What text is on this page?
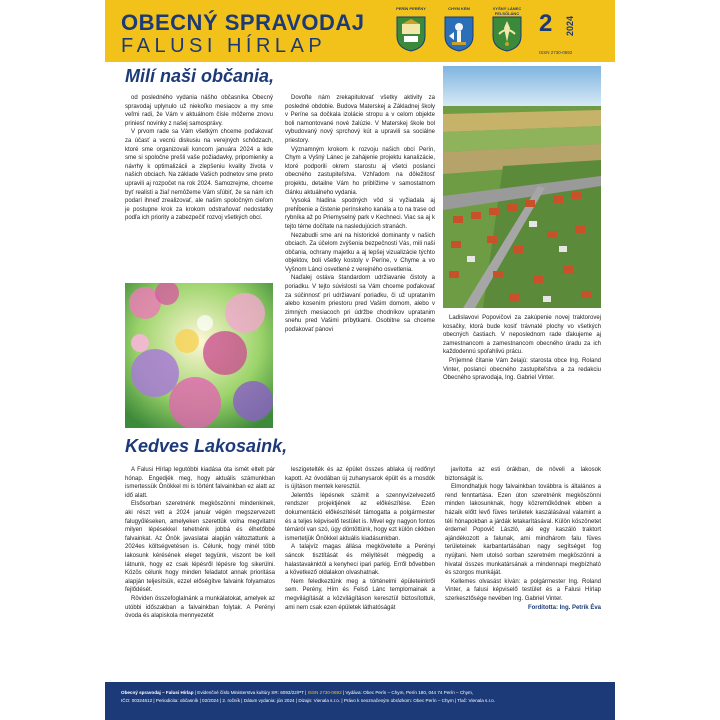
OBECNÝ SPRAVODAJ
FALUSI HÍRLAP
PERÍN PERÉNY	CHYM KÉM	VYŠNÝ LÁNEC FELSŐLÁNC 2 2024
ISSN 2730-0692
Milí naši občania,

od posledného vydania nášho občasníka Obecný spravodaj uplynulo už niekoľko mesiacov a my sme veľmi radi, že Vám v aktuálnom čísle môžeme znovu priniesť novinky z našej samosprávy.

V prvom rade sa Vám všetkým chceme poďakovať za účasť a vecnú diskusiu na verejných schôdzach, ktoré sme organizovali koncom januára 2024 a kde sme si spoločne prešli vaše požiadavky, pripomienky a návrhy k optimalizácii a zlepšeniu kvality života v našich obciach. Na základe Vašich podnetov sme preto upravili aj rozpočet na rok 2024. Samozrejme, chceme byť realisti a žiaľ nemôžeme Vám sľúbiť, že sa nám ich podarí ihneď zrealizovať, ale našim spoločným cieľom je postupne krok za krokom odstraňovať nedostatky podľa ich priority a zabezpečiť rozvoj všetkých obcí.

Dovoľte nám zrekapitulovať všetky aktivity za posledné obdobie. Budova Materskej a Základnej školy v Períne sa dočkala izolácie stropu a v celom objekte boli namontované nové žalúzie. V Materskej škole bol vybudovaný nový sprchový kút a upravili sa sociálne priestory.

Významným krokom k rozvoju našich obcí Perín, Chym a Vyšný Lánec je zahájenie projektu kanalizácie, ktoré podporili okrem starostu aj všetci poslanci obecného zastupiteľstva. Vzhľadom na dôležitosť projektu, detailne Vám ho priblížime v samostatnom článku aktuálneho vydania.

Vysoká hladina spodných vôd si vyžiadala aj prehĺbenie a čistenie perínskeho kanála a to na trase od rybníka až po Priemyselný park v Kechneci. Viac sa aj k tejto téme dočítate na nasledujúcich stranách.

Nezabudli sme ani na historické dominanty v našich obciach. Za účelom zvýšenia bezpečnosti Vás, mili naši občania, ochrany majetku a aj lepšej vizualizácie týchto objektov, boli všetky kostoly v Períne, v Chyme a vo Vyšnom Lánci osvetlené z verejného osvetlenia.

Naďalej ostáva štandardom udržiavanie čistoty a poriadku. V tejto súvislosti sa Vám chceme poďakovať za súčinnosť pri udržiavaní poriadku, či už uprataním alebo kosením priestoru pred Vašim domom, alebo v zimných mesiacoch pri údržbe chodníkov upratanim snehu pred Vašimi príbytkami. Osobitne sa chceme poďakovať pánovi

Ladislavovi Popovičovi za zakúpenie novej traktorovej kosačky, ktorá bude kosiť trávnaté plochy vo všetkých obecných častiach. V neposlednom rade ďakujeme aj zamestnancom a zamestnancom obecného úradu za ich každodennú spoľahlivú prácu.

Príjemné čítanie Vám želajú: starosta obce Ing. Roland Vinter, poslanci obecného zastupiteľstva a za redakciu Obecného spravodaja, Ing. Gabriel Vinter.

Kedves Lakosaink,

A Falusi Hírlap legutóbbi kiadása óta ismét eltelt pár hónap. Engedjék meg, hogy aktuális számunkban ismertessük Önökkel mi is történt falvainkban ez alatt az idő alatt.

Elsősorban szeretnénk megköszönni mindenkinek, aki részt vett a 2024 január végén megszervezett falugyűléseken, amelyeken szerettük volna megvitatni milyen lépésekkel tehetnénk jobbá és élhetőbbé falvainkat. Az Önök javaslatai alapján változtattunk a 2024es költségvetésen is. Célunk, hogy minél több lakosunk kérésének eleget tegyünk, viszont be kell látnunk, hogy ez csak lépésről lépésre fog sikerülni. Közös célunk hogy minden feladatot annak prioritása alapján teljesítsük, ezzel előségítve falvaink folyamatos fejlődését.

Röviden összefoglalnánk a munkálatokat, amelyek az utóbbi időszakban a falvainkban folytak. A Perényi óvoda és alapiskola mennyezetét

leszigetelték és az épület összes ablaka új redőnyt kapott. Az óvodában új zuhanysarok épült és a mosdók is újításon mentek keresztül.

Jelentős lépésnek számít a szennyvízelvezető rendszer projektjének az előkészítése. Ezen dokumentáció előkészítését támogatta a polgármester és a teljes képviselő testület is. Mivel egy nagyon fontos témáról van szó, úgy döntöttünk, hogy ezt külön cikkben ismertetjük Önökkel aktuális kiadásunkban.

A talajvíz magas állása megkövetelte a Perényi sáncok tisztítását és mélyítését mégpedig a halastavaknktól a kenyheci ipari parkig. Erről bővebben a következő oldalakon olvashatnak.

Nem feledkeztünk meg a történelmi épületeinkről sem. Perény, Hím és Felső Lánc templomainak a megvilágítását a közvilágításon keresztül biztosítottuk, ami nem csak ezen épületek láthatóságát

javította az esti órákban, de növeli a lakosok biztonságát is.

Elmondhatjuk hogy falvainkban továbbra is általános a rend fenntartása. Ezen úton szeretnénk megköszönni minden lakosunknak, hogy közreműködnek ebben a házaik előtt levő füves területek kaszálásával valamint a téli hónapokban a járdák letakarításával. Külön köszönetet érdemel Popovič László, aki egy kaszáló traktort ajándékozott a falunak, ami mindhárom falu füves területeinek karbantartásában nagy segítséget fog nyújtani. Nem utolsó sorban szeretném megköszönni a hivatal összes munkatársának a mindennapi megbízható és szorgos munkáját.

Kellemes olvasást kíván: a polgármester Ing. Roland Vinter, a falusi képviselő testület és a Falusi Hírlap szerkesztősége nevében Ing. Gabriel Vinter.

Fordította: Ing. Petrík Éva

Obecný spravodaj – Falusi Hírlap | Evidenčné číslo Ministerstva kultúry SR: 6093/22/PT | ISSN 2730-0692 | Vydáva: Obec Perín – Chym, Perín 180, 044 74 Perín – Chym,
IČO: 00324612 | Periodicita: občasník | 02/2024 | 2. ročník | Dátum vydania: jún 2024 | Dizajn: Vienala s.r.o. | Právo k neoznačeným obrázkom: Obec Perín – Chym | Tlač: Vienala s.r.o.
